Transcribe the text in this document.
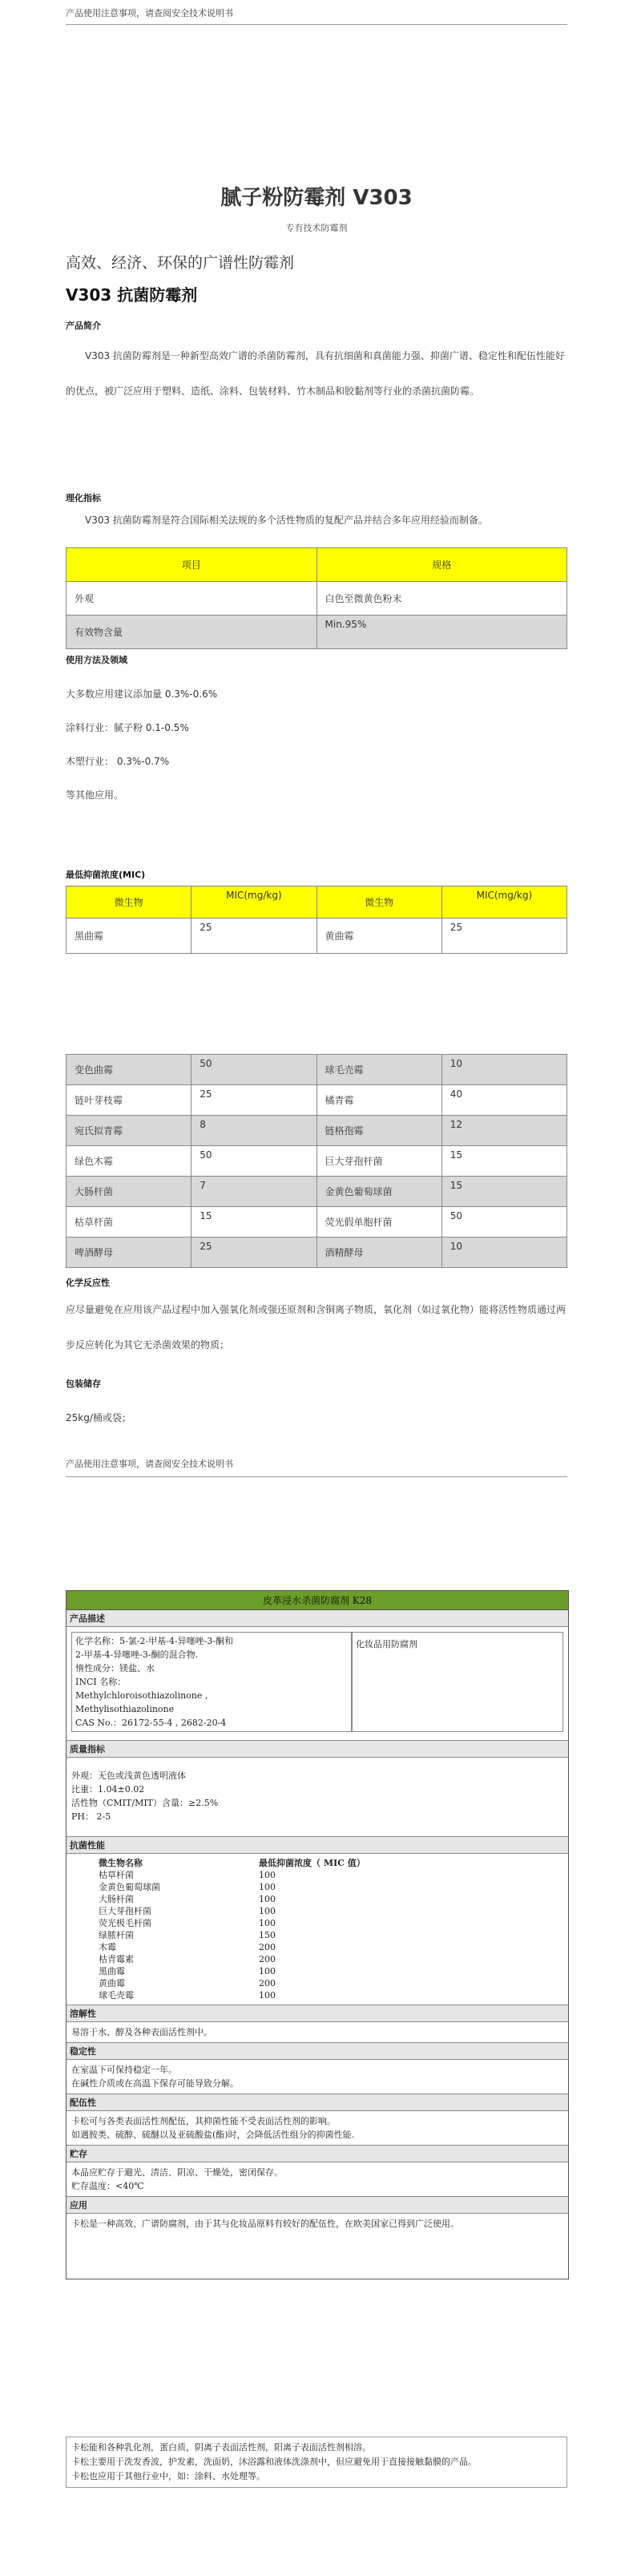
产品使用注意事项，请查阅安全技术说明书
腻子粉防霉剂 V303
专有技术防霉剂
高效、经济、环保的广谱性防霉剂
V303 抗菌防霉剂
产品简介
V303 抗菌防霉剂是一种新型高效广谱的杀菌防霉剂，具有抗细菌和真菌能力强、抑菌广谱、稳定性和配伍性能好的优点，被广泛应用于塑料、造纸、涂料、包装材料、竹木制品和胶黏剂等行业的杀菌抗菌防霉。
理化指标
V303 抗菌防霉剂是符合国际相关法规的多个活性物质的复配产品并结合多年应用经验而制备。
项目	规格
外观	白色至微黄色粉末
有效物含量	Min.95%
使用方法及领域
大多数应用建议添加量 0.3%-0.6%
涂料行业：腻子粉 0.1-0.5%
木塑行业： 0.3%-0.7%
等其他应用。
最低抑菌浓度(MIC)
微生物	MIC(mg/kg)	微生物	MIC(mg/kg)
黑曲霉	25	黄曲霉	25
变色曲霉	50	球毛壳霉	10
链叶芽枝霉	25	橘青霉	40
宛氏拟青霉	8	链格孢霉	12
绿色木霉	50	巨大芽孢杆菌	15
大肠杆菌	7	金黄色葡萄球菌	15
枯草杆菌	15	荧光假单胞杆菌	50
啤酒酵母	25	酒精酵母	10
化学反应性
应尽量避免在应用该产品过程中加入强氧化剂或强还原剂和含铜离子物质，氧化剂（如过氧化物）能将活性物质通过两步反应转化为其它无杀菌效果的物质；
包装储存
25kg/桶或袋；
产品使用注意事项，请查阅安全技术说明书
皮革浸水杀菌防腐剂 K28
产品描述
化学名称：5-氯-2-甲基-4-异噻唑-3-酮和
2-甲基-4-异噻唑-3-酮的混合物.
惰性成分：镁盐、水
INCI 名称：
Methylchloroisothiazolinone ,
Methylisothiazolinone
CAS No.：26172-55-4 , 2682-20-4
化妆品用防腐剂
质量指标
外观：无色或浅黄色透明液体
比重：1.04±0.02
活性物（CMIT/MIT）含量：≥2.5%
PH： 2-5
抗菌性能
微生物名称	最低抑菌浓度（ MIC 值）
枯草杆菌	100
金黄色葡萄球菌	100
大肠杆菌	100
巨大芽孢杆菌	100
荧光极毛杆菌	100
绿脓杆菌	150
木霉	200
枯青霉素	200
黑曲霉	100
黄曲霉	200
球毛壳霉	100
溶解性
易溶于水、醇及各种表面活性剂中。
稳定性
在室温下可保持稳定一年。
在碱性介质或在高温下保存可能导致分解。
配伍性
卡松可与各类表面活性剂配伍，其抑菌性能不受表面活性剂的影响。
如遇胺类、硫醇、硫醚以及亚硫酸盐(酯)时，会降低活性组分的抑菌性能.
贮存
本品应贮存于避光、清洁、阴凉、干燥处，密闭保存。
贮存温度：<40℃
应用
卡松是一种高效、广谱防腐剂，由于其与化妆品原料有较好的配伍性，在欧美国家已得到广泛使用。
卡松能和各种乳化剂，蛋白质，阴离子表面活性剂，阳离子表面活性剂相溶。
卡松主要用于洗发香波，护发素，洗面奶，沐浴露和液体洗涤剂中，但应避免用于直接接触黏膜的产品。
卡松也应用于其他行业中，如：涂料、水处理等。
